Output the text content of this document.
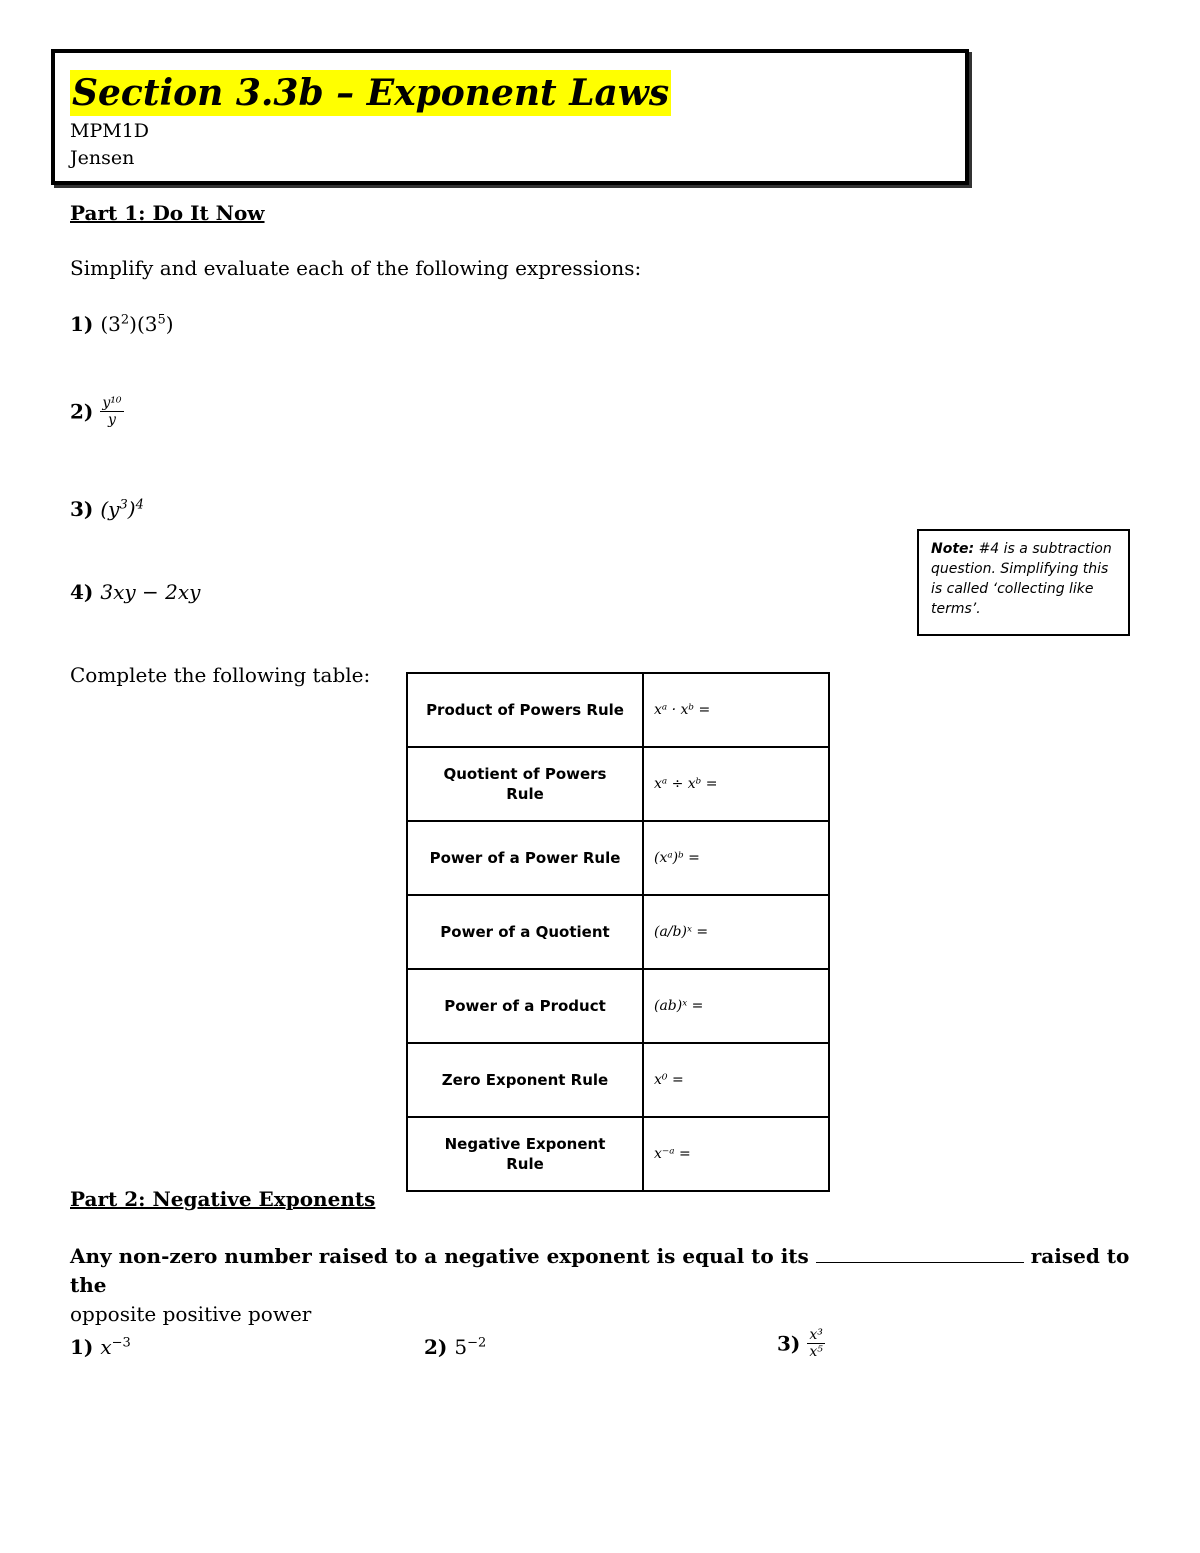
Section 3.3b – Exponent Laws
MPM1D
Jensen
Part 1: Do It Now
Simplify and evaluate each of the following expressions:
1) $(3^2)(3^5)$
$2) \frac{\text{y¹⁰}}{y}$
3) $(y^3)^4$
4) 3xy − 2xy
Note: #4 is a subtraction question. Simplifying this is called ‘collecting like terms’.
Complete the following table:
Product of Powers Rule	xᵃ · xᵇ =
Quotient of Powers Rule	xᵃ ÷ xᵇ =
Power of a Power Rule	(xᵃ)ᵇ =
Power of a Quotient	(a/b)ˣ =
Power of a Product	(ab)ˣ =
Zero Exponent Rule	x⁰ =
Negative Exponent Rule	x⁻ᵃ =
Part 2: Negative Exponents
Any non-zero number raised to a negative exponent is equal to its	raised to the
opposite positive power
1) $x^{-3}$	2) $5^{-2}$	$3) \frac{\text{x³}}{\text{x⁵}}$
